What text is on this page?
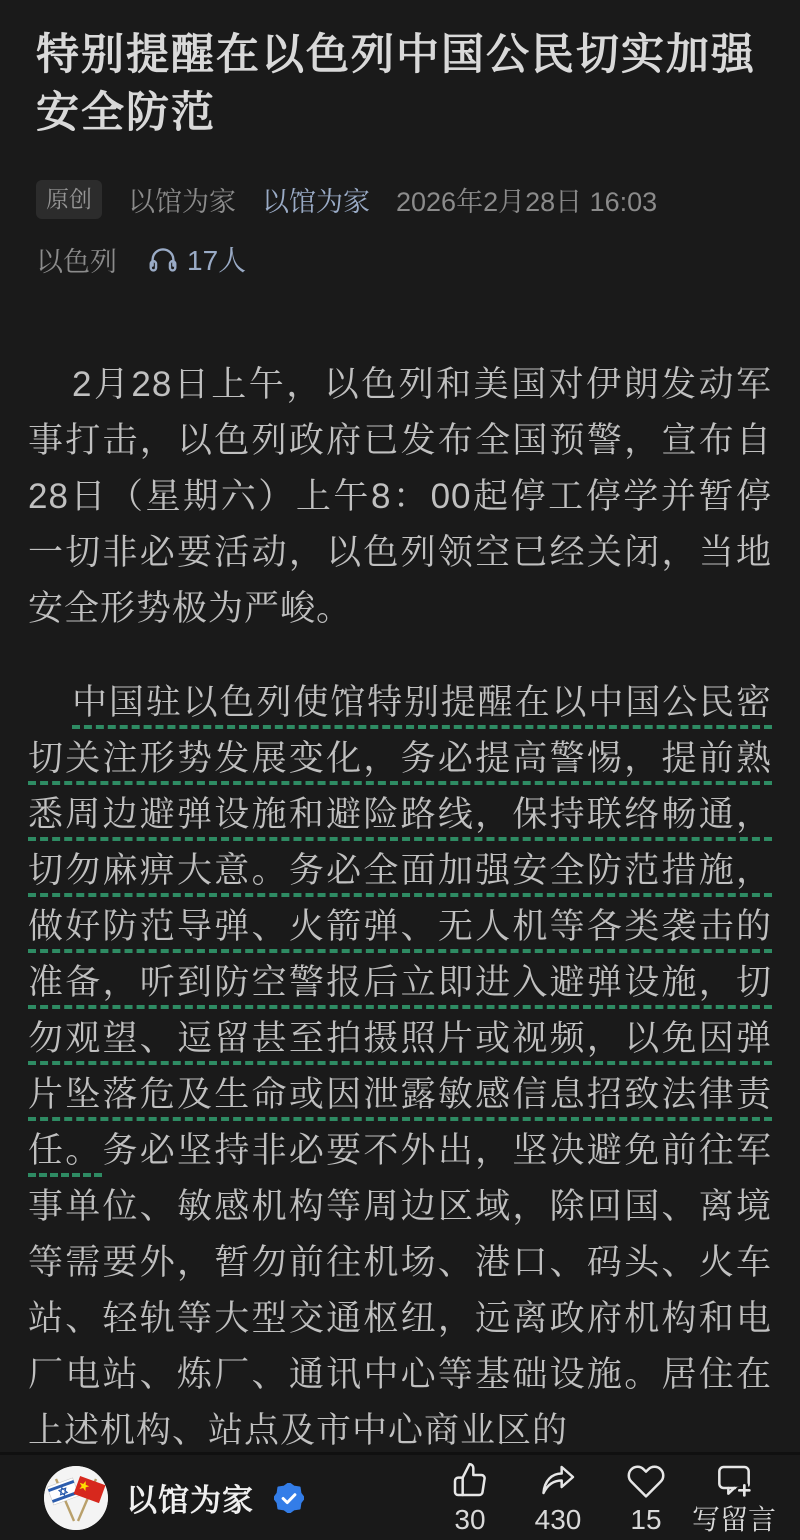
特别提醒在以色列中国公民切实加强安全防范
原创	以馆为家 以馆为家 2026年2月28日 16:03
以色列	17人

2月28日上午，以色列和美国对伊朗发动军事打击，以色列政府已发布全国预警，宣布自28日（星期六）上午8：00起停工停学并暂停一切非必要活动，以色列领空已经关闭，当地安全形势极为严峻。

中国驻以色列使馆特别提醒在以中国公民密切关注形势发展变化，务必提高警惕，提前熟悉周边避弹设施和避险路线，保持联络畅通，切勿麻痹大意。务必全面加强安全防范措施，做好防范导弹、火箭弹、无人机等各类袭击的准备，听到防空警报后立即进入避弹设施，切勿观望、逗留甚至拍摄照片或视频，以免因弹片坠落危及生命或因泄露敏感信息招致法律责任。务必坚持非必要不外出，坚决避免前往军事单位、敏感机构等周边区域，除回国、离境等需要外，暂勿前往机场、港口、码头、火车站、轻轨等大型交通枢纽，远离政府机构和电厂电站、炼厂、通讯中心等基础设施。居住在上述机构、站点及市中心商业区的

以馆为家
30 430 15 写留言
